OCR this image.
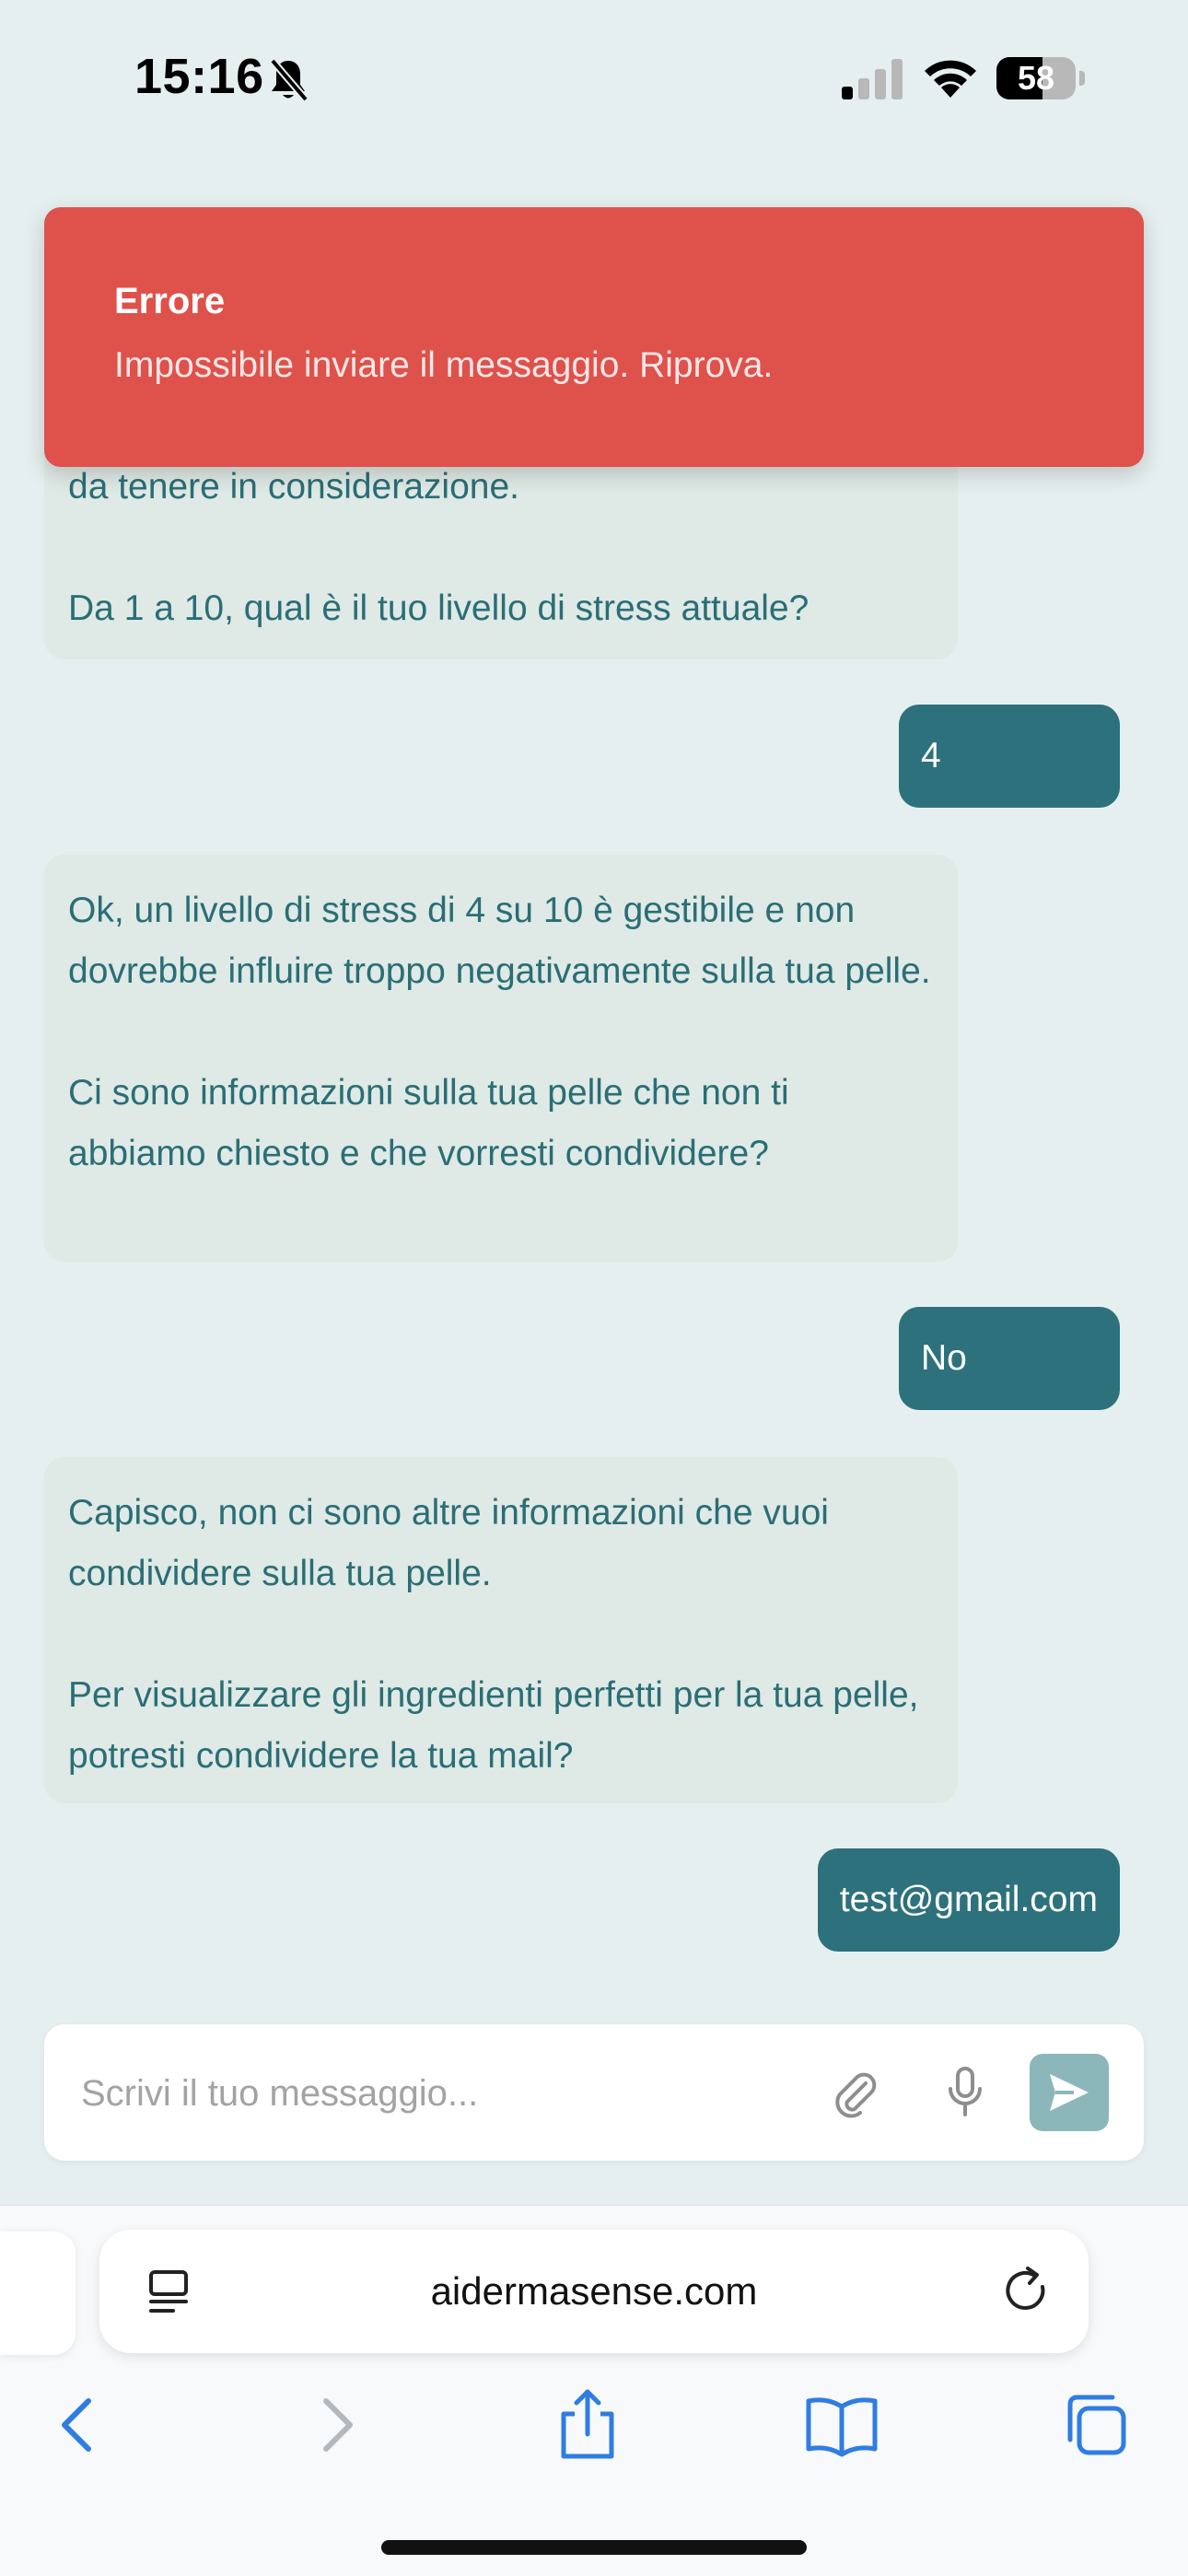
15:16	58
da tenere in considerazione.

Da 1 a 10, qual è il tuo livello di stress attuale?
4
Ok, un livello di stress di 4 su 10 è gestibile e non dovrebbe influire troppo negativamente sulla tua pelle.

Ci sono informazioni sulla tua pelle che non ti abbiamo chiesto e che vorresti condividere?
No
Capisco, non ci sono altre informazioni che vuoi condividere sulla tua pelle.

Per visualizzare gli ingredienti perfetti per la tua pelle, potresti condividere la tua mail?
test@gmail.com
Errore
Impossibile inviare il messaggio. Riprova.
Scrivi il tuo messaggio...
aidermasense.com
